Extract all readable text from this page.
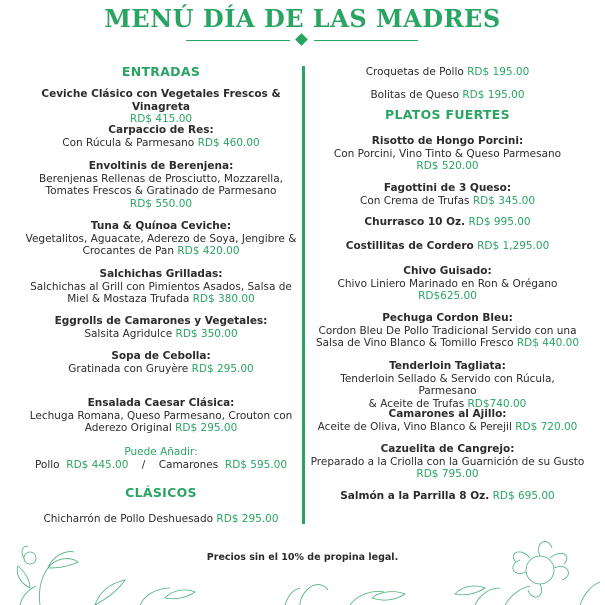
MENÚ DÍA DE LAS MADRES
ENTRADAS
Ceviche Clásico con Vegetales Frescos & Vinagreta
RD$ 415.00
Carpaccio de Res:
Con Rúcula & Parmesano RD$ 460.00
Envoltinis de Berenjena:
Berenjenas Rellenas de Prosciutto, Mozzarella,
Tomates Frescos & Gratinado de Parmesano
RD$ 550.00
Tuna & Quínoa Ceviche:
Vegetalitos, Aguacate, Aderezo de Soya, Jengibre &
Crocantes de Pan RD$ 420.00
Salchichas Grilladas:
Salchichas al Grill con Pimientos Asados, Salsa de
Miel & Mostaza Trufada RD$ 380.00
Eggrolls de Camarones y Vegetales:
Salsita Agridulce RD$ 350.00
Sopa de Cebolla:
Gratinada con Gruyère RD$ 295.00
Ensalada Caesar Clásica:
Lechuga Romana, Queso Parmesano, Crouton con
Aderezo Original RD$ 295.00
Puede Añadir:
Pollo RD$ 445.00 / Camarones RD$ 595.00
CLÁSICOS
Chicharrón de Pollo Deshuesado RD$ 295.00
Croquetas de Pollo RD$ 195.00
Bolitas de Queso RD$ 195.00
PLATOS FUERTES
Risotto de Hongo Porcini:
Con Porcini, Vino Tinto & Queso Parmesano
RD$ 520.00
Fagottini de 3 Queso:
Con Crema de Trufas RD$ 345.00
Churrasco 10 Oz. RD$ 995.00
Costillitas de Cordero RD$ 1,295.00
Chivo Guisado:
Chivo Liniero Marinado en Ron & Orégano
RD$625.00
Pechuga Cordon Bleu:
Cordon Bleu De Pollo Tradicional Servido con una
Salsa de Vino Blanco & Tomillo Fresco RD$ 440.00
Tenderloin Tagliata:
Tenderloin Sellado & Servido con Rúcula, Parmesano
& Aceite de Trufas RD$740.00
Camarones al Ajillo:
Aceite de Oliva, Vino Blanco & Perejil RD$ 720.00
Cazuelita de Cangrejo:
Preparado a la Criolla con la Guarnición de su Gusto
RD$ 795.00
Salmón a la Parrilla 8 Oz. RD$ 695.00
Precios sin el 10% de propina legal.
